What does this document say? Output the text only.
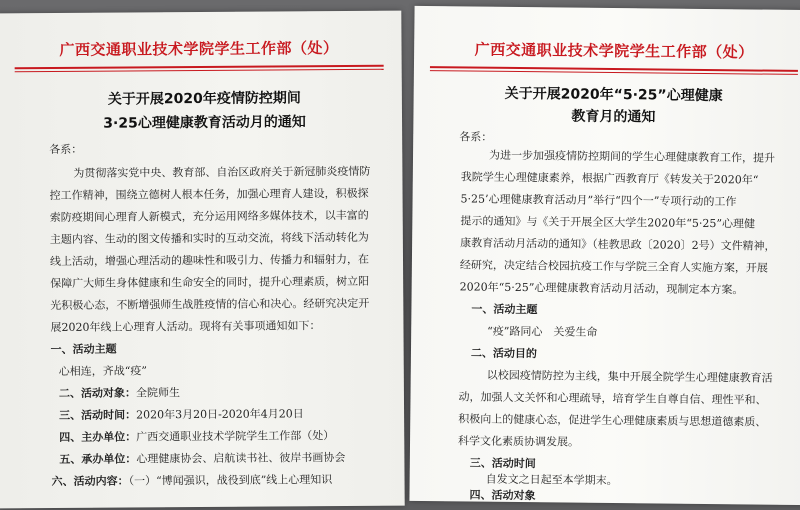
广西交通职业技术学院学生工作部（处）
关于开展2020年疫情防控期间
3·25心理健康教育活动月的通知
各系：
为贯彻落实党中央、教育部、自治区政府关于新冠肺炎疫情防
控工作精神，围绕立德树人根本任务，加强心理育人建设，积极探
索防疫期间心理育人新模式，充分运用网络多媒体技术，以丰富的
主题内容、生动的图文传播和实时的互动交流，将线下活动转化为
线上活动，增强心理活动的趣味性和吸引力、传播力和辐射力，在
保障广大师生身体健康和生命安全的同时，提升心理素质，树立阳
光积极心态，不断增强师生战胜疫情的信心和决心。经研究决定开
展2020年线上心理育人活动。现将有关事项通知如下：
一、活动主题
心相连，齐战“疫”
二、活动对象：全院师生
三、活动时间：2020年3月20日-2020年4月20日
四、主办单位：广西交通职业技术学院学生工作部（处）
五、承办单位：心理健康协会、启航读书社、彼岸书画协会
六、活动内容：（一）“博闻强识，战役到底”线上心理知识
广西交通职业技术学院学生工作部（处）
关于开展2020年“5·25”心理健康
教育月的通知
各系：
为进一步加强疫情防控期间的学生心理健康教育工作，提升
我院学生心理健康素养，根据广西教育厅《转发关于2020年“
5·25’心理健康教育活动月”举行“四个一”专项行动的工作
提示的通知》与《关于开展全区大学生2020年“5·25”心理健
康教育活动月活动的通知》（桂教思政〔2020〕2号）文件精神，
经研究，决定结合校园抗疫工作与学院三全育人实施方案，开展
2020年“5·25”心理健康教育活动月活动，现制定本方案。
一、活动主题
“疫”路同心　关爱生命
二、活动目的
以校园疫情防控为主线，集中开展全院学生心理健康教育活
动，加强人文关怀和心理疏导，培育学生自尊自信、理性平和、
积极向上的健康心态，促进学生心理健康素质与思想道德素质、
科学文化素质协调发展。
三、活动时间
自发文之日起至本学期末。
四、活动对象
